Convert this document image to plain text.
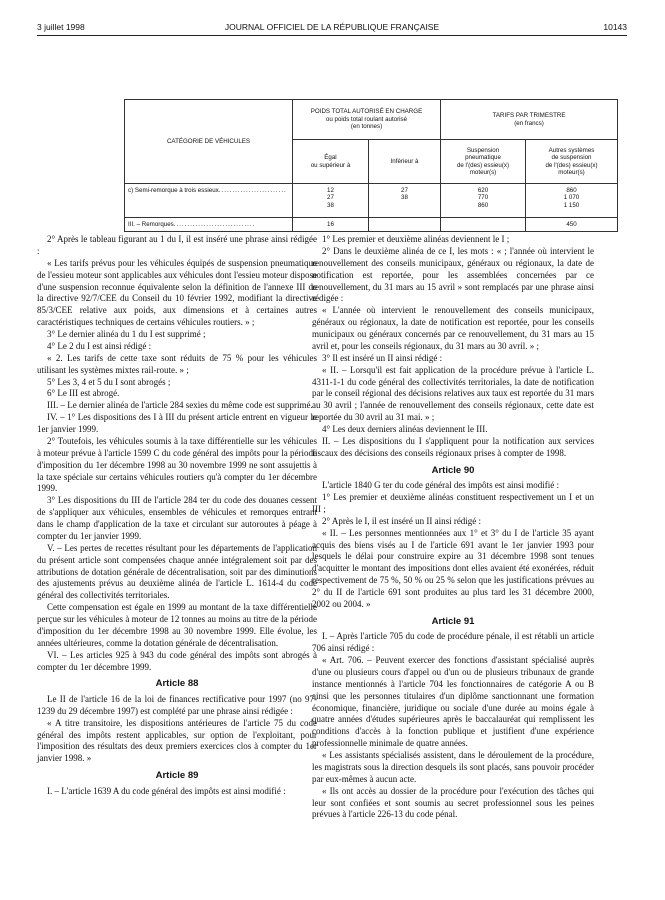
3 juillet 1998	JOURNAL OFFICIEL DE LA RÉPUBLIQUE FRANÇAISE	10143
CATÉGORIE DE VÉHICULES	POIDS TOTAL AUTORISÉ EN CHARGE
ou poids total roulant autorisé
(en tonnes)		TARIFS PAR TRIMESTRE
(en francs)	
	Égal
ou supérieur à	Inférieur à	Suspension
pneumatique
de l'(des) essieu(x)
moteur(s)	Autres systèmes
de suspension
de l'(des) essieu(x)
moteur(s)
c) Semi-remorque à trois essieux.........................	12
27
38	27
38	620
770
860	860
1 070
1 150
III. – Remorques..............................	16			450

2° Après le tableau figurant au 1 du I, il est inséré une phrase ainsi rédigée :

« Les tarifs prévus pour les véhicules équipés de suspension pneumatique de l'essieu moteur sont applicables aux véhicules dont l'essieu moteur dispose d'une suspension reconnue équivalente selon la définition de l'annexe III de la directive 92/7/CEE du Conseil du 10 février 1992, modifiant la directive 85/3/CEE relative aux poids, aux dimensions et à certaines autres caractéristiques techniques de certains véhicules routiers. » ;

3° Le dernier alinéa du 1 du I est supprimé ;

4° Le 2 du I est ainsi rédigé :

« 2. Les tarifs de cette taxe sont réduits de 75 % pour les véhicules utilisant les systèmes mixtes rail-route. » ;

5° Les 3, 4 et 5 du I sont abrogés ;

6° Le III est abrogé.

III. – Le dernier alinéa de l'article 284 sexies du même code est supprimé.

IV. – 1° Les dispositions des I à III du présent article entrent en vigueur le 1er janvier 1999.

2° Toutefois, les véhicules soumis à la taxe différentielle sur les véhicules à moteur prévue à l'article 1599 C du code général des impôts pour la période d'imposition du 1er décembre 1998 au 30 novembre 1999 ne sont assujettis à la taxe spéciale sur certains véhicules routiers qu'à compter du 1er décembre 1999.

3° Les dispositions du III de l'article 284 ter du code des douanes cessent de s'appliquer aux véhicules, ensembles de véhicules et remorques entrant dans le champ d'application de la taxe et circulant sur autoroutes à péage à compter du 1er janvier 1999.

V. – Les pertes de recettes résultant pour les départements de l'application du présent article sont compensées chaque année intégralement soit par des attributions de dotation générale de décentralisation, soit par des diminutions des ajustements prévus au deuxième alinéa de l'article L. 1614-4 du code général des collectivités territoriales.

Cette compensation est égale en 1999 au montant de la taxe différentielle perçue sur les véhicules à moteur de 12 tonnes au moins au titre de la période d'imposition du 1er décembre 1998 au 30 novembre 1999. Elle évolue, les années ultérieures, comme la dotation générale de décentralisation.

VI. – Les articles 925 à 943 du code général des impôts sont abrogés à compter du 1er décembre 1999.

Article 88

Le II de l'article 16 de la loi de finances rectificative pour 1997 (no 97-1239 du 29 décembre 1997) est complété par une phrase ainsi rédigée :

« A titre transitoire, les dispositions antérieures de l'article 75 du code général des impôts restent applicables, sur option de l'exploitant, pour l'imposition des résultats des deux premiers exercices clos à compter du 1er janvier 1998. »

Article 89

I. – L'article 1639 A du code général des impôts est ainsi modifié :

1° Les premier et deuxième alinéas deviennent le I ;

2° Dans le deuxième alinéa de ce I, les mots : « ; l'année où intervient le renouvellement des conseils municipaux, généraux ou régionaux, la date de notification est reportée, pour les assemblées concernées par ce renouvellement, du 31 mars au 15 avril » sont remplacés par une phrase ainsi rédigée :

« L'année où intervient le renouvellement des conseils municipaux, généraux ou régionaux, la date de notification est reportée, pour les conseils municipaux ou généraux concernés par ce renouvellement, du 31 mars au 15 avril et, pour les conseils régionaux, du 31 mars au 30 avril. » ;

3° Il est inséré un II ainsi rédigé :

« II. – Lorsqu'il est fait application de la procédure prévue à l'article L. 4311-1-1 du code général des collectivités territoriales, la date de notification par le conseil régional des décisions relatives aux taux est reportée du 31 mars au 30 avril ; l'année de renouvellement des conseils régionaux, cette date est reportée du 30 avril au 31 mai. » ;

4° Les deux derniers alinéas deviennent le III.

II. – Les dispositions du I s'appliquent pour la notification aux services fiscaux des décisions des conseils régionaux prises à compter de 1998.

Article 90

L'article 1840 G ter du code général des impôts est ainsi modifié :

1° Les premier et deuxième alinéas constituent respectivement un I et un III ;

2° Après le I, il est inséré un II ainsi rédigé :

« II. – Les personnes mentionnées aux 1° et 3° du I de l'article 35 ayant acquis des biens visés au I de l'article 691 avant le 1er janvier 1993 pour lesquels le délai pour construire expire au 31 décembre 1998 sont tenues d'acquitter le montant des impositions dont elles avaient été exonérées, réduit respectivement de 75 %, 50 % ou 25 % selon que les justifications prévues au 2° du II de l'article 691 sont produites au plus tard les 31 décembre 2000, 2002 ou 2004. »

Article 91

I. – Après l'article 705 du code de procédure pénale, il est rétabli un article 706 ainsi rédigé :

« Art. 706. – Peuvent exercer des fonctions d'assistant spécialisé auprès d'une ou plusieurs cours d'appel ou d'un ou de plusieurs tribunaux de grande instance mentionnés à l'article 704 les fonctionnaires de catégorie A ou B ainsi que les personnes titulaires d'un diplôme sanctionnant une formation économique, financière, juridique ou sociale d'une durée au moins égale à quatre années d'études supérieures après le baccalauréat qui remplissent les conditions d'accès à la fonction publique et justifient d'une expérience professionnelle minimale de quatre années.

« Les assistants spécialisés assistent, dans le déroulement de la procédure, les magistrats sous la direction desquels ils sont placés, sans pouvoir procéder par eux-mêmes à aucun acte.

« Ils ont accès au dossier de la procédure pour l'exécution des tâches qui leur sont confiées et sont soumis au secret professionnel sous les peines prévues à l'article 226-13 du code pénal.
